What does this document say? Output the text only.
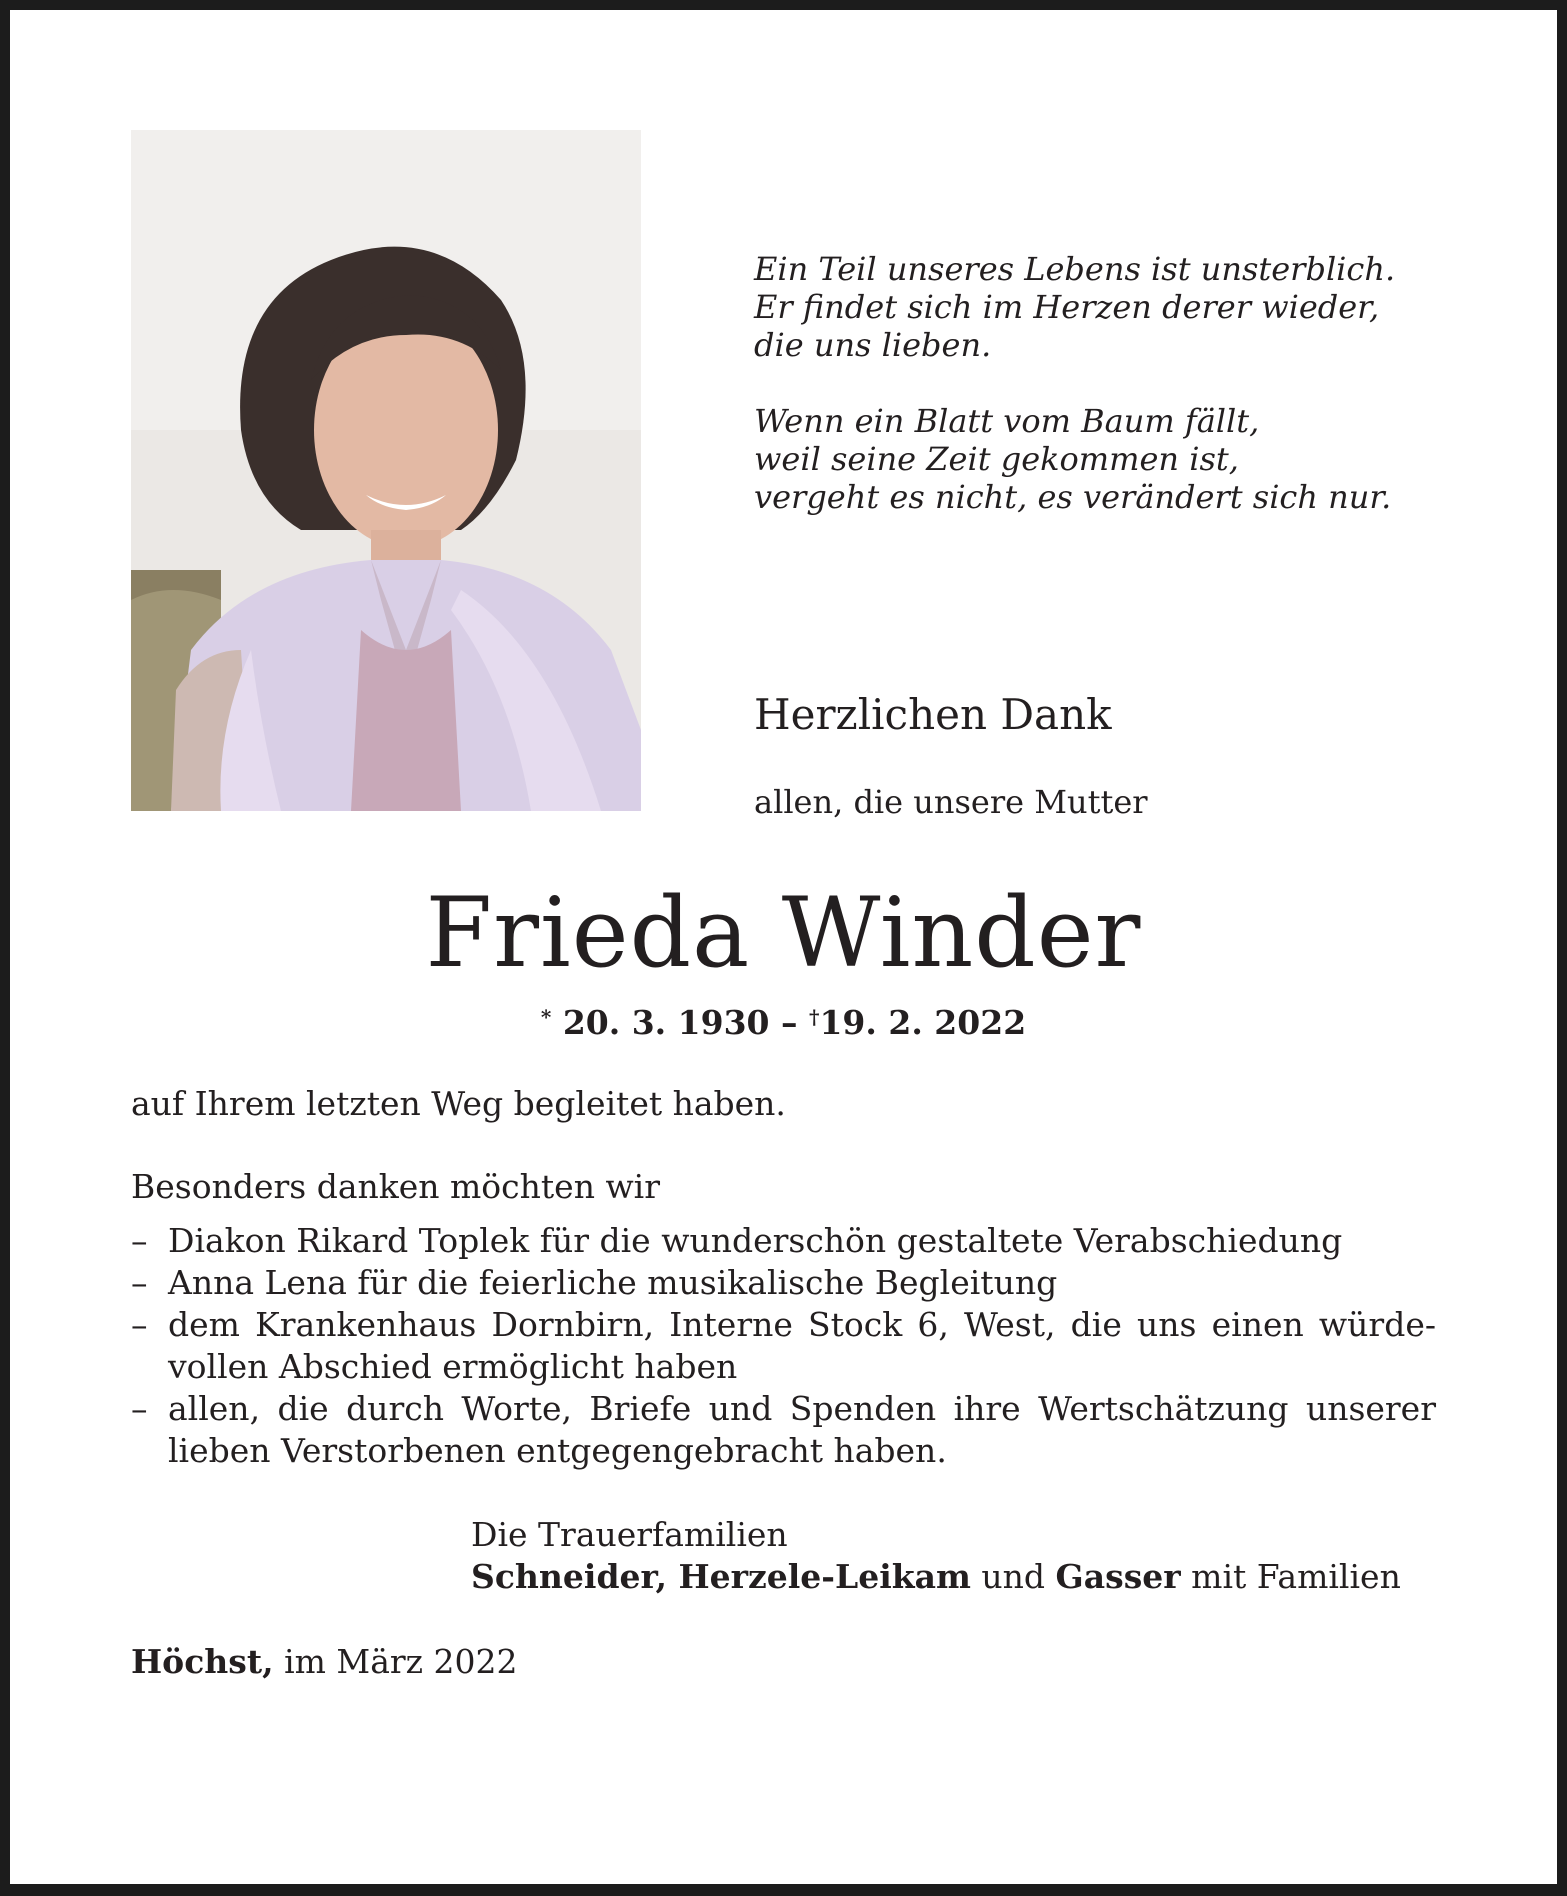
Ein Teil unseres Lebens ist unsterblich.
Er findet sich im Herzen derer wieder,
die uns lieben.

Wenn ein Blatt vom Baum fällt,
weil seine Zeit gekommen ist,
vergeht es nicht, es verändert sich nur.

Herzlichen Dank
allen, die unsere Mutter
Frieda Winder
* 20. 3. 1930 – †19. 2. 2022
auf Ihrem letzten Weg begleitet haben.
Besonders danken möchten wir
– Diakon Rikard Toplek für die wunderschön gestaltete Verabschiedung
– Anna Lena für die feierliche musikalische Begleitung
– dem Krankenhaus Dornbirn, Interne Stock 6, West, die uns einen würdevollen Abschied ermöglicht haben
– allen, die durch Worte, Briefe und Spenden ihre Wertschätzung unserer lieben Verstorbenen entgegengebracht haben.
Die Trauerfamilien
Schneider, Herzele-Leikam und Gasser mit Familien
Höchst, im März 2022
